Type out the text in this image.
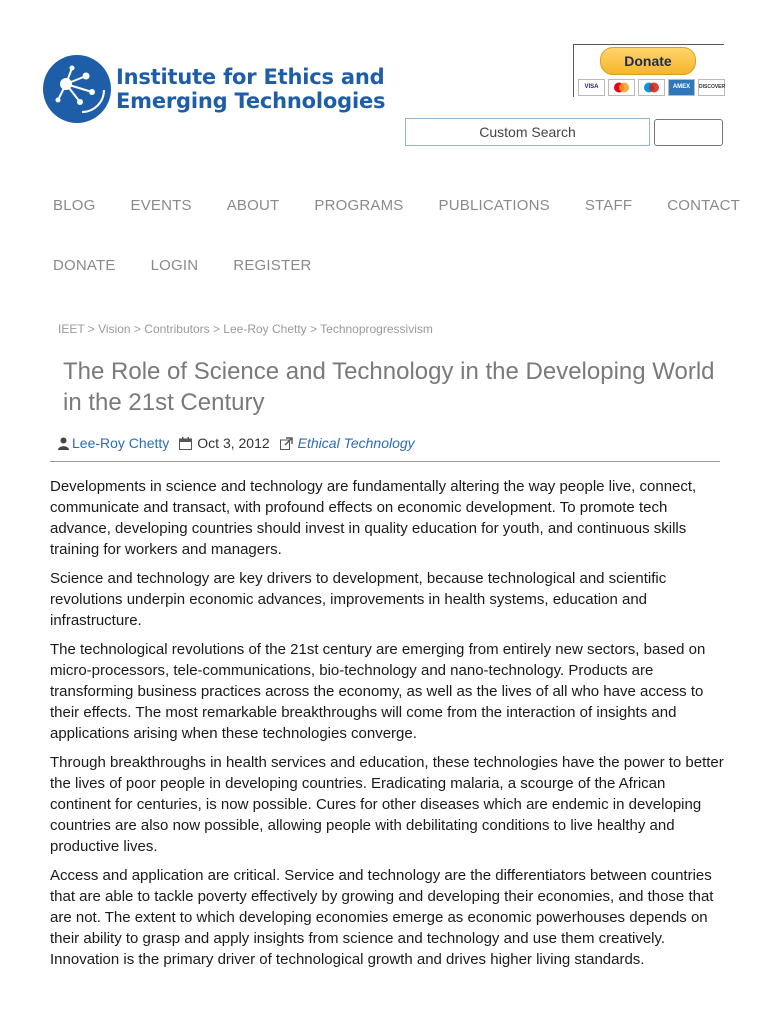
Institute for Ethics and
Emerging Technologies
Donate
VISA	AMEX	DISCOVER
Custom Search
BLOG EVENTS ABOUT PROGRAMS PUBLICATIONS STAFF CONTACT
DONATE LOGIN REGISTER
IEET > Vision > Contributors > Lee-Roy Chetty > Technoprogressivism
The Role of Science and Technology in the Developing World in the 21st Century
Lee-Roy Chetty Oct 3, 2012 Ethical Technology

Developments in science and technology are fundamentally altering the way people live, connect, communicate and transact, with profound effects on economic development. To promote tech advance, developing countries should invest in quality education for youth, and continuous skills training for workers and managers.

Science and technology are key drivers to development, because technological and scientific revolutions underpin economic advances, improvements in health systems, education and infrastructure.

The technological revolutions of the 21st century are emerging from entirely new sectors, based on micro-processors, tele-communications, bio-technology and nano-technology. Products are transforming business practices across the economy, as well as the lives of all who have access to their effects. The most remarkable breakthroughs will come from the interaction of insights and applications arising when these technologies converge.

Through breakthroughs in health services and education, these technologies have the power to better the lives of poor people in developing countries. Eradicating malaria, a scourge of the African continent for centuries, is now possible. Cures for other diseases which are endemic in developing countries are also now possible, allowing people with debilitating conditions to live healthy and productive lives.

Access and application are critical. Service and technology are the differentiators between countries that are able to tackle poverty effectively by growing and developing their economies, and those that are not. The extent to which developing economies emerge as economic powerhouses depends on their ability to grasp and apply insights from science and technology and use them creatively. Innovation is the primary driver of technological growth and drives higher living standards.
